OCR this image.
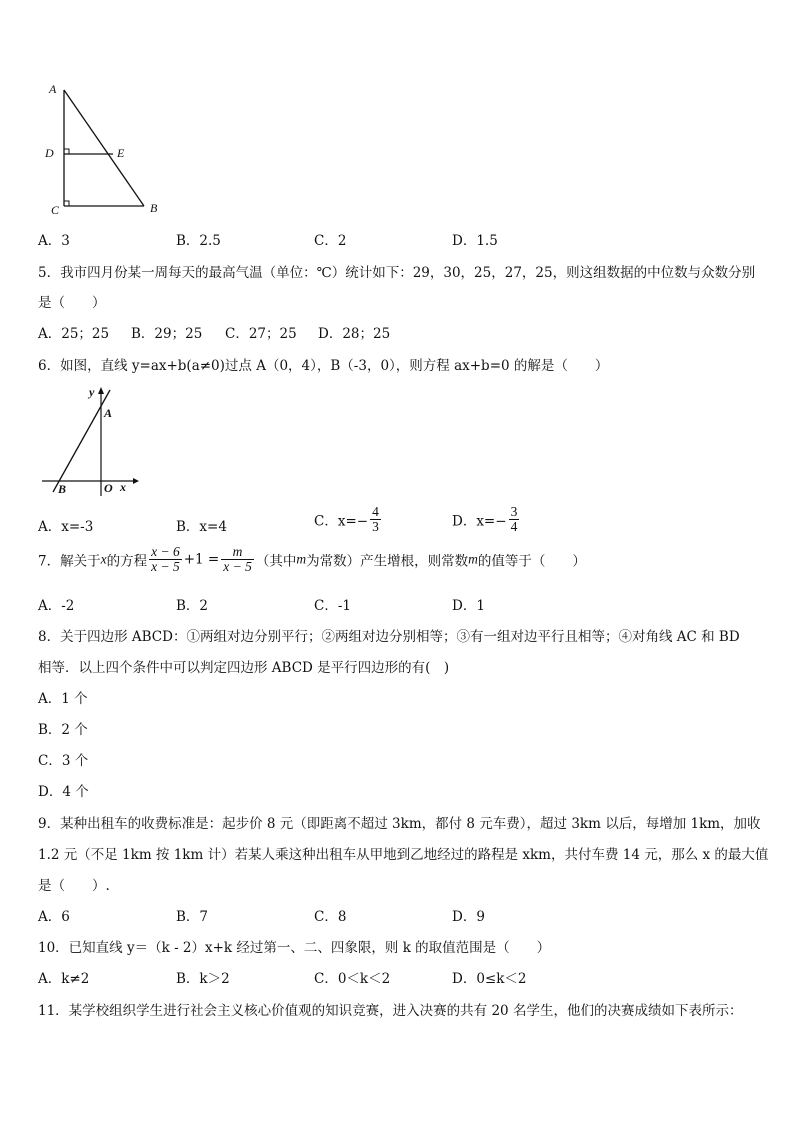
A
D	E
C	B
A．3	B．2.5	C．2	D．1.5
5．我市四月份某一周每天的最高气温（单位：℃）统计如下：29，30，25，27，25，则这组数据的中位数与众数分别
是（　　）
A．25；25 B．29；25 C．27；25 D．28；25
6．如图，直线 y=ax+b(a≠0)过点 A（0，4），B（-3，0），则方程 ax+b=0 的解是（　　）
y
A
B	O x
A．x=-3	B．x=4	C．$x=- \frac{4}{3}$	D．$x=- \frac{3}{4}$
7．解关于x的方程 $\frac{x - 6}{x - 5} +1 = \frac{m}{x - 5}$ （其中m为常数）产生增根，则常数m的值等于（　　）
A．-2	B．2	C．-1	D．1
8．关于四边形 ABCD：①两组对边分别平行；②两组对边分别相等；③有一组对边平行且相等；④对角线 AC 和 BD
相等．以上四个条件中可以判定四边形 ABCD 是平行四边形的有(　)
A．1 个
B．2 个
C．3 个
D．4 个
9．某种出租车的收费标准是：起步价 8 元（即距离不超过 3km，都付 8 元车费），超过 3km 以后，每增加 1km，加收
1.2 元（不足 1km 按 1km 计）若某人乘这种出租车从甲地到乙地经过的路程是 xkm，共付车费 14 元，那么 x 的最大值
是（　　）.
A．6	B．7	C．8	D．9
10．已知直线 y＝（k - 2）x+k 经过第一、二、四象限，则 k 的取值范围是（　　）
A．k≠2	B．k＞2	C．0＜k＜2	D．0≤k＜2
11．某学校组织学生进行社会主义核心价值观的知识竞赛，进入决赛的共有 20 名学生，他们的决赛成绩如下表所示：
